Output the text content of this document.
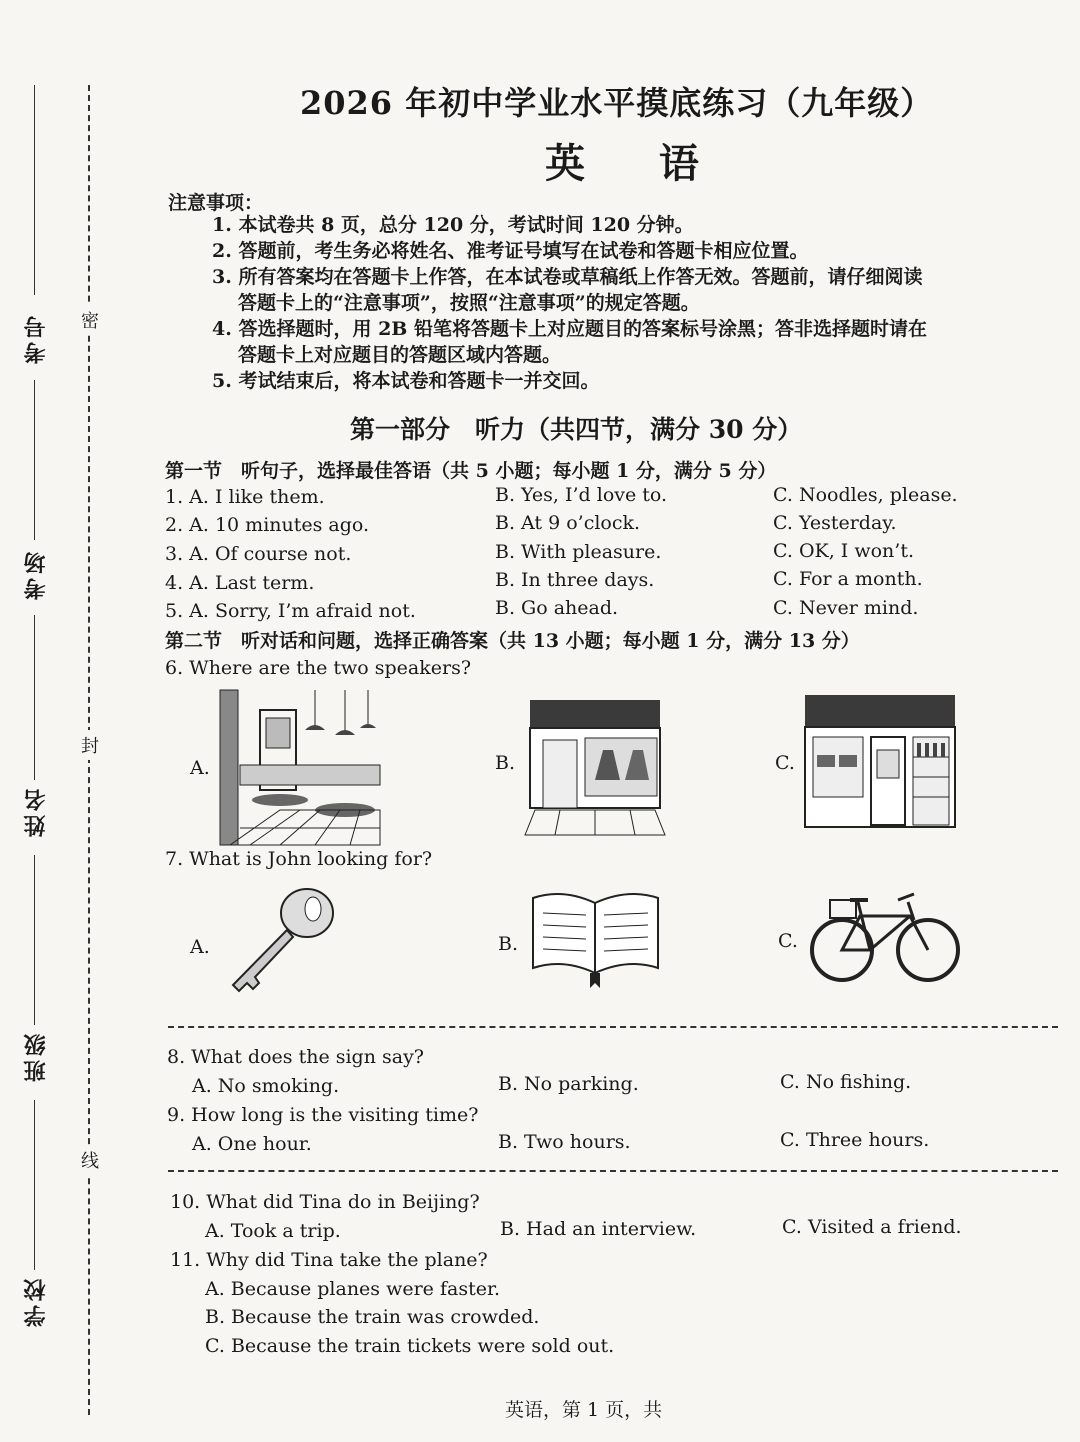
考号
考场
姓名
班级
学校
密
封
线
2026 年初中学业水平摸底练习（九年级）
英 语
注意事项：
1. 本试卷共 8 页，总分 120 分，考试时间 120 分钟。
2. 答题前，考生务必将姓名、准考证号填写在试卷和答题卡相应位置。
3. 所有答案均在答题卡上作答，在本试卷或草稿纸上作答无效。答题前，请仔细阅读
答题卡上的“注意事项”，按照“注意事项”的规定答题。
4. 答选择题时，用 2B 铅笔将答题卡上对应题目的答案标号涂黑；答非选择题时请在
答题卡上对应题目的答题区域内答题。
5. 考试结束后，将本试卷和答题卡一并交回。
第一部分　听力（共四节，满分 30 分）
第一节　听句子，选择最佳答语（共 5 小题；每小题 1 分，满分 5 分）
1. A. I like them.	B. Yes, I’d love to.	C. Noodles, please.
2. A. 10 minutes ago.	B. At 9 o’clock.	C. Yesterday.
3. A. Of course not.	B. With pleasure.	C. OK, I won’t.
4. A. Last term.	B. In three days.	C. For a month.
5. A. Sorry, I’m afraid not.	B. Go ahead.	C. Never mind.
第二节　听对话和问题，选择正确答案（共 13 小题；每小题 1 分，满分 13 分）
6. Where are the two speakers?
A.	B.	C.
7. What is John looking for?
A.	B.	C.
8. What does the sign say?
A. No smoking.	B. No parking.	C. No fishing.
9. How long is the visiting time?
A. One hour.	B. Two hours.	C. Three hours.
10. What did Tina do in Beijing?
A. Took a trip.	B. Had an interview.	C. Visited a friend.
11. Why did Tina take the plane?
A. Because planes were faster.
B. Because the train was crowded.
C. Because the train tickets were sold out.
英语，第 1 页，共
